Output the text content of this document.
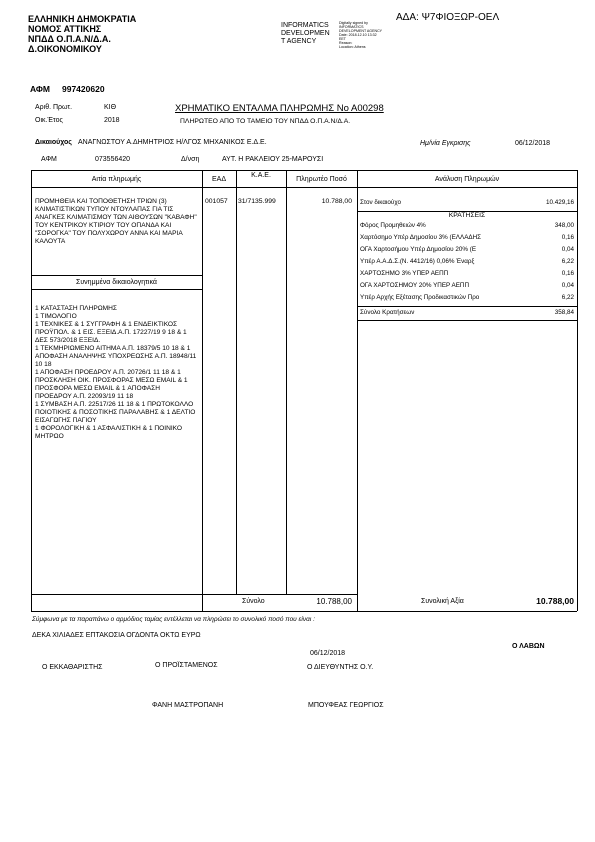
ΕΛΛΗΝΙΚΗ ΔΗΜΟΚΡΑΤΙΑ
ΝΟΜΟΣ ΑΤΤΙΚΗΣ
ΝΠΔΔ Ο.Π.Α.Ν/Δ.Α.
Δ.ΟΙΚΟΝΟΜΙΚΟΥ
INFORMATICS
DEVELOPMEN
T AGENCY
Digitally signed by
INFORMATICS
DEVELOPMENT AGENCY
Date: 2018.12.10 13:32
EET
Reason:
Location: Athens
ΑΔΑ: Ψ7ΦΙΟΞΩΡ-ΟΕΛ
ΑΦΜ 997420620
Αριθ. Πρωτ.	ΚΙΘ
Οικ.Έτος	2018
ΧΡΗΜΑΤΙΚΟ ΕΝΤΑΛΜΑ ΠΛΗΡΩΜΗΣ Νο Α00298
ΠΛΗΡΩΤΕΟ ΑΠΟ ΤΟ ΤΑΜΕΙΟ ΤΟΥ ΝΠΔΔ Ο.Π.Α.Ν/Δ.Α.
Δικαιούχος ΑΝΑΓΝΩΣΤΟΥ Α.ΔΗΜΗΤΡΙΟΣ Η/ΛΓΟΣ ΜΗΧΑΝΙΚΟΣ Ε.Δ.Ε.	Ημ/νία Εγκρισης	06/12/2018
ΑΦΜ	073556420	Δ/νση	ΑΥΤ. Η ΡΑΚΛΕΙΟΥ 25-ΜΑΡΟΥΣΙ
Αιτία πληρωμής	ΕΑΔ
Κ.Α.Ε.
Πληρωτέο Ποσό	Ανάλυση Πληρωμών
ΠΡΟΜΗΘΕΙΑ ΚΑΙ ΤΟΠΟΘΕΤΗΣΗ ΤΡΙΩΝ (3) ΚΛΙΜΑΤΙΣΤΙΚΩΝ ΤΥΠΟΥ ΝΤΟΥΛΑΠΑΣ ΓΙΑ ΤΙΣ ΑΝΑΓΚΕΣ ΚΛΙΜΑΤΙΣΜΟΥ ΤΩΝ ΑΙΘΟΥΣΩΝ "ΚΑΒΑΦΗ" ΤΟΥ ΚΕΝΤΡΙΚΟΥ ΚΤΙΡΙΟΥ ΤΟΥ ΟΠΑΝΔΑ ΚΑΙ "ΣΟΡΟΓΚΑ" ΤΟΥ ΠΟΛΥΧΩΡΟΥ ΑΝΝΑ ΚΑΙ ΜΑΡΙΑ ΚΑΛΟΥΤΑ
001057 31/7135.999	10.788,00
Συνημμένα δικαιολογητικά
1 ΚΑΤΑΣΤΑΣΗ ΠΛΗΡΩΜΗΣ
1 ΤΙΜΟΛΟΓΙΟ
1 ΤΕΧΝΙΚΕΣ & 1 ΣΥΓΓΡΑΦΗ & 1 ΕΝΔΕΙΚΤΙΚΟΣ ΠΡΟΫΠΟΛ. & 1 ΕΙΣ. ΕΞΕΙΔ.Α.Π. 17227/19 9 18 & 1 ΔΕΣ 573/2018 ΕΞΕΙΔ.
1 ΤΕΚΜΗΡΙΩΜΕΝΟ ΑΙΤΗΜΑ Α.Π. 18379/5 10 18 & 1 ΑΠΟΦΑΣΗ ΑΝΑΛΗΨΗΣ ΥΠΟΧΡΕΩΣΗΣ Α.Π. 18948/11 10 18
1 ΑΠΟΦΑΣΗ ΠΡΟΕΔΡΟΥ Α.Π. 20726/1 11 18 & 1 ΠΡΟΣΚΛΗΣΗ ΟΙΚ. ΠΡΟΣΦΟΡΑΣ ΜΕΣΩ EMAIL & 1 ΠΡΟΣΦΟΡΑ ΜΕΣΩ EMAIL & 1 ΑΠΟΦΑΣΗ ΠΡΟΕΔΡΟΥ Α.Π. 22093/19 11 18
1 ΣΥΜΒΑΣΗ Α.Π. 22517/26 11 18 & 1 ΠΡΩΤΟΚΟΛΛΟ ΠΟΙΟΤΙΚΗΣ & ΠΟΣΟΤΙΚΗΣ ΠΑΡΑΛΑΒΗΣ & 1 ΔΕΛΤΙΟ ΕΙΣΑΓΩΓΗΣ ΠΑΓΙΟΥ
1 ΦΟΡΟΛΟΓΙΚΗ & 1 ΑΣΦΑΛΙΣΤΙΚΗ & 1 ΠΟΙΝΙΚΟ ΜΗΤΡΩΟ
Σύνολο	10.788,00	Συνολική Αξία	10.788,00
Στον δικαιούχο	10.429,16
ΚΡΑΤΗΣΕΙΣ
Φόρος Προμηθειών 4%	348,00
Χαρτόσημο Υπέρ Δημοσίου 3% (ΕΛΛΑΔΗΣ	0,16
ΟΓΑ Χαρτοσήμου Υπέρ Δημοσίου 20% (Ε	0,04
Υπέρ Α.Α.Δ.Σ.(Ν. 4412/16) 0,06% Έναρξ	6,22
ΧΑΡΤΟΣΗΜΟ 3% ΥΠΕΡ ΑΕΠΠ	0,16
ΟΓΑ ΧΑΡΤΟΣΗΜΟΥ 20% ΥΠΕΡ ΑΕΠΠ	0,04
Υπέρ Αρχής Εξέτασης Προδικαστικών Προ	6,22
Σύνολο Κρατήσεων	358,84
Σύμφωνα με τα παραπάνω ο αρμόδιος ταμίας εντέλλεται να πληρώσει το συνολικό ποσό που είναι :
ΔΕΚΑ ΧΙΛΙΑΔΕΣ ΕΠΤΑΚΟΣΙΑ ΟΓΔΟΝΤΑ ΟΚΤΩ ΕΥΡΩ
06/12/2018
Ο ΛΑΒΩΝ
Ο ΕΚΚΑΘΑΡΙΣΤΗΣ	Ο ΠΡΟΪΣΤΑΜΕΝΟΣ	Ο ΔΙΕΥΘΥΝΤΗΣ Ο.Υ.
ΦΑΝΗ ΜΑΣΤΡΟΠΑΝΗ	ΜΠΟΥΦΕΑΣ ΓΕΩΡΓΙΟΣ
